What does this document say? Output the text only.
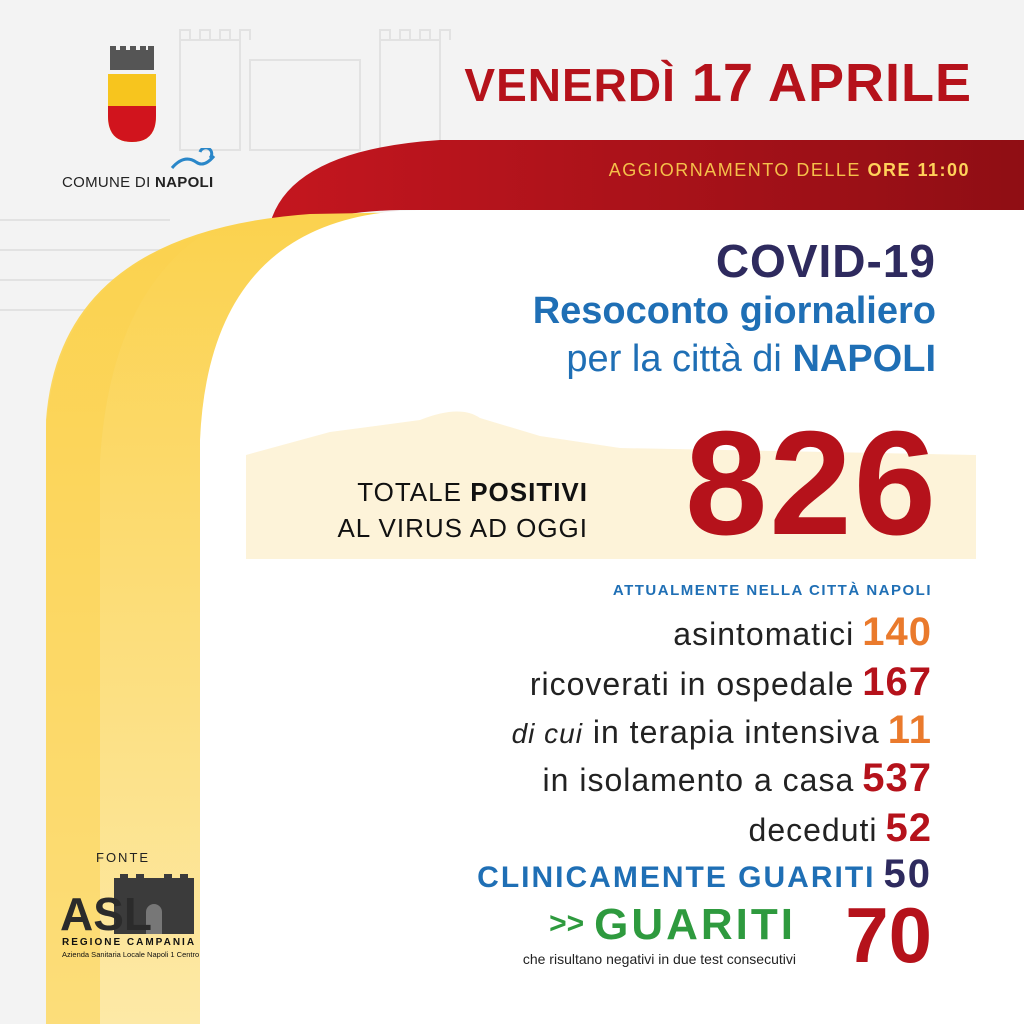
COMUNE DI NAPOLI
VENERDÌ 17 APRILE
AGGIORNAMENTO DELLE ORE 11:00
COVID-19
Resoconto giornaliero
per la città di NAPOLI
TOTALE POSITIVI
AL VIRUS AD OGGI 826
ATTUALMENTE NELLA CITTÀ NAPOLI
asintomatici 140
ricoverati in ospedale 167
di cui in terapia intensiva 11
in isolamento a casa 537
deceduti 52
CLINICAMENTE GUARITI 50
>> GUARITI
che risultano negativi in due test consecutivi 70
FONTE
ASL
REGIONE CAMPANIA
Azienda Sanitaria Locale Napoli 1 Centro
